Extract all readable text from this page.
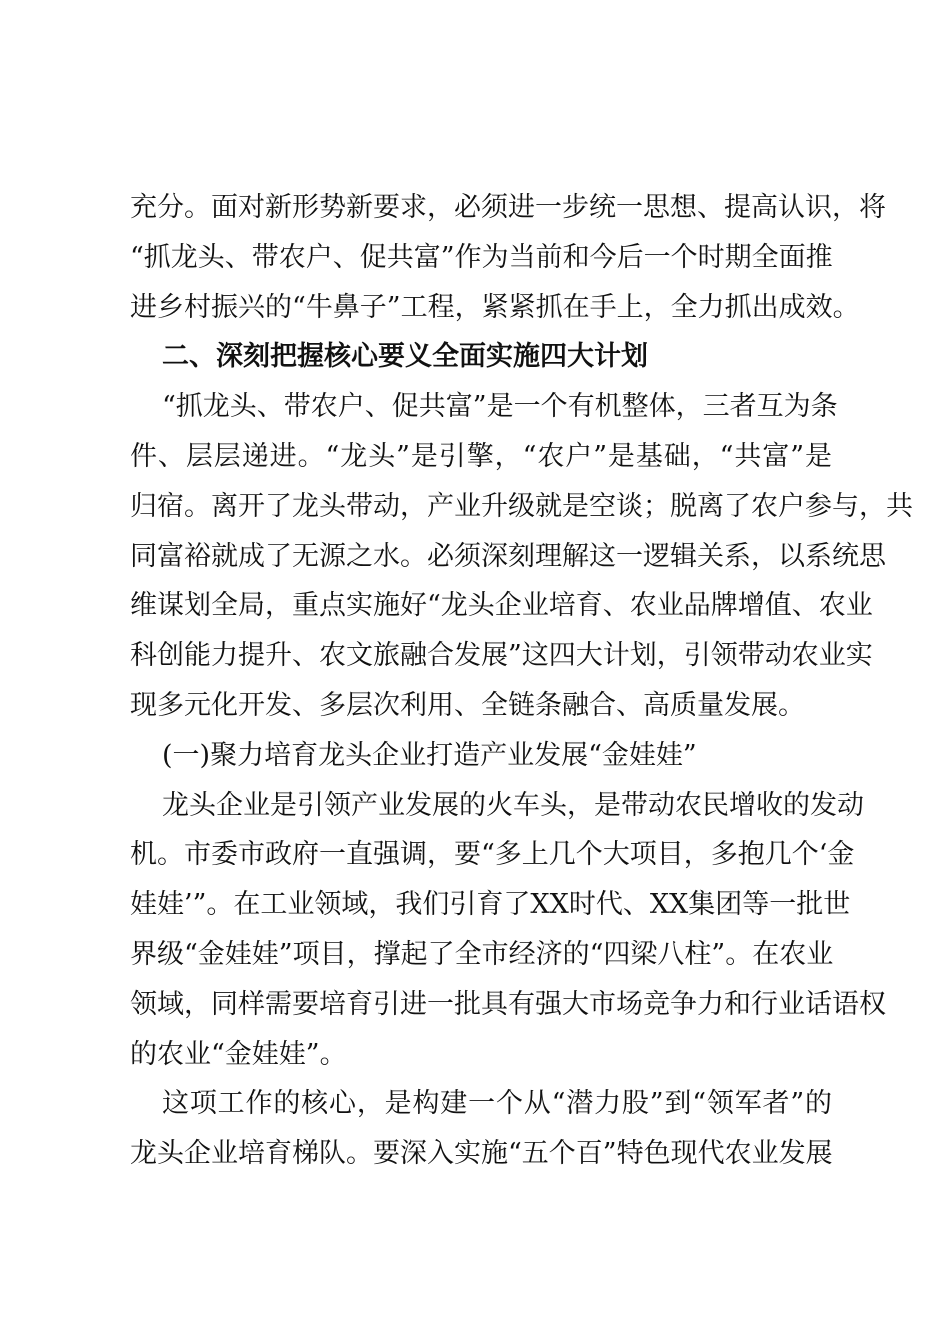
充分。面对新形势新要求，必须进一步统一思想、提高认识，将
“抓龙头、带农户、促共富”作为当前和今后一个时期全面推
进乡村振兴的“牛鼻子”工程，紧紧抓在手上，全力抓出成效。
二、深刻把握核心要义全面实施四大计划
“抓龙头、带农户、促共富”是一个有机整体，三者互为条
件、层层递进。“龙头”是引擎，“农户”是基础，“共富”是
归宿。离开了龙头带动，产业升级就是空谈；脱离了农户参与，共
同富裕就成了无源之水。必须深刻理解这一逻辑关系，以系统思
维谋划全局，重点实施好“龙头企业培育、农业品牌增值、农业
科创能力提升、农文旅融合发展”这四大计划，引领带动农业实
现多元化开发、多层次利用、全链条融合、高质量发展。
(一)聚力培育龙头企业打造产业发展“金娃娃”
龙头企业是引领产业发展的火车头，是带动农民增收的发动
机。市委市政府一直强调，要“多上几个大项目，多抱几个‘金
娃娃’”。在工业领域，我们引育了XX时代、XX集团等一批世
界级“金娃娃”项目，撑起了全市经济的“四梁八柱”。在农业
领域，同样需要培育引进一批具有强大市场竞争力和行业话语权
的农业“金娃娃”。
这项工作的核心，是构建一个从“潜力股”到“领军者”的
龙头企业培育梯队。要深入实施“五个百”特色现代农业发展
